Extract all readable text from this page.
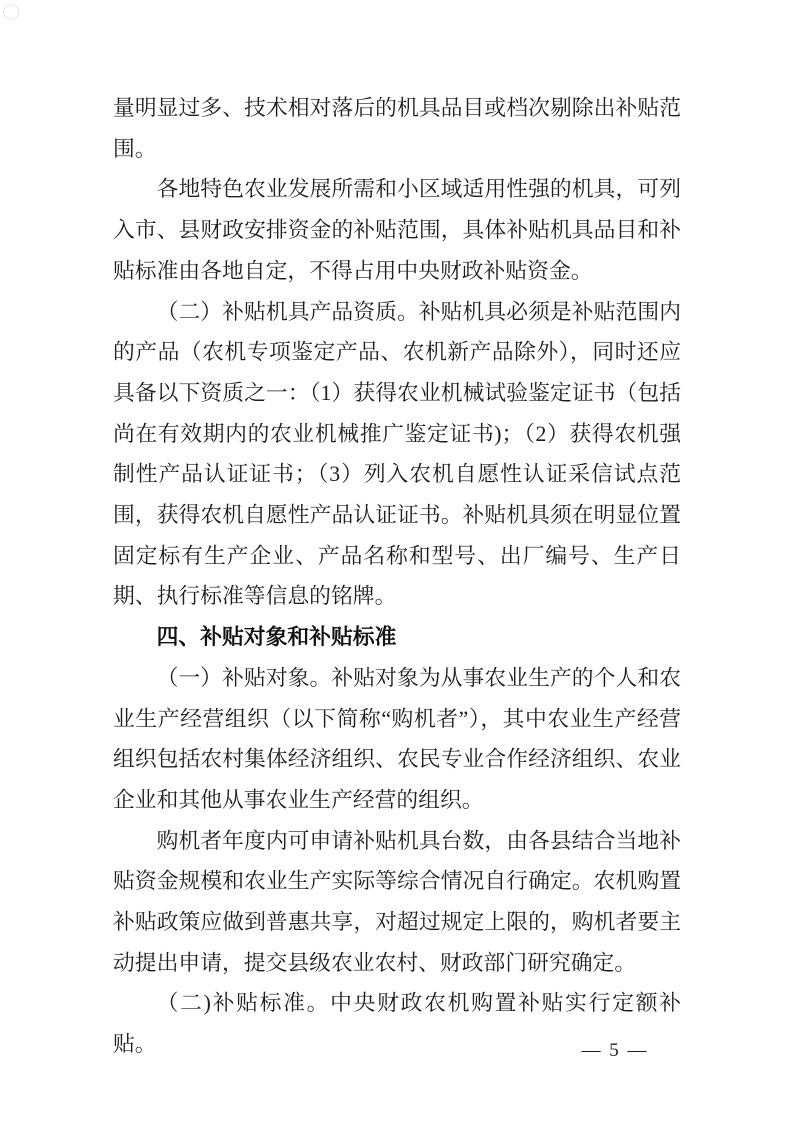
量明显过多、技术相对落后的机具品目或档次剔除出补贴范围。

各地特色农业发展所需和小区域适用性强的机具，可列入市、县财政安排资金的补贴范围，具体补贴机具品目和补贴标准由各地自定，不得占用中央财政补贴资金。

（二）补贴机具产品资质。补贴机具必须是补贴范围内的产品（农机专项鉴定产品、农机新产品除外），同时还应具备以下资质之一：（1）获得农业机械试验鉴定证书（包括尚在有效期内的农业机械推广鉴定证书)；（2）获得农机强制性产品认证证书；（3）列入农机自愿性认证采信试点范围，获得农机自愿性产品认证证书。补贴机具须在明显位置固定标有生产企业、产品名称和型号、出厂编号、生产日期、执行标准等信息的铭牌。

四、补贴对象和补贴标准

（一）补贴对象。补贴对象为从事农业生产的个人和农业生产经营组织（以下简称“购机者”），其中农业生产经营组织包括农村集体经济组织、农民专业合作经济组织、农业企业和其他从事农业生产经营的组织。

购机者年度内可申请补贴机具台数，由各县结合当地补贴资金规模和农业生产实际等综合情况自行确定。农机购置补贴政策应做到普惠共享，对超过规定上限的，购机者要主动提出申请，提交县级农业农村、财政部门研究确定。

（二)补贴标准。中央财政农机购置补贴实行定额补贴。	— 5 —
